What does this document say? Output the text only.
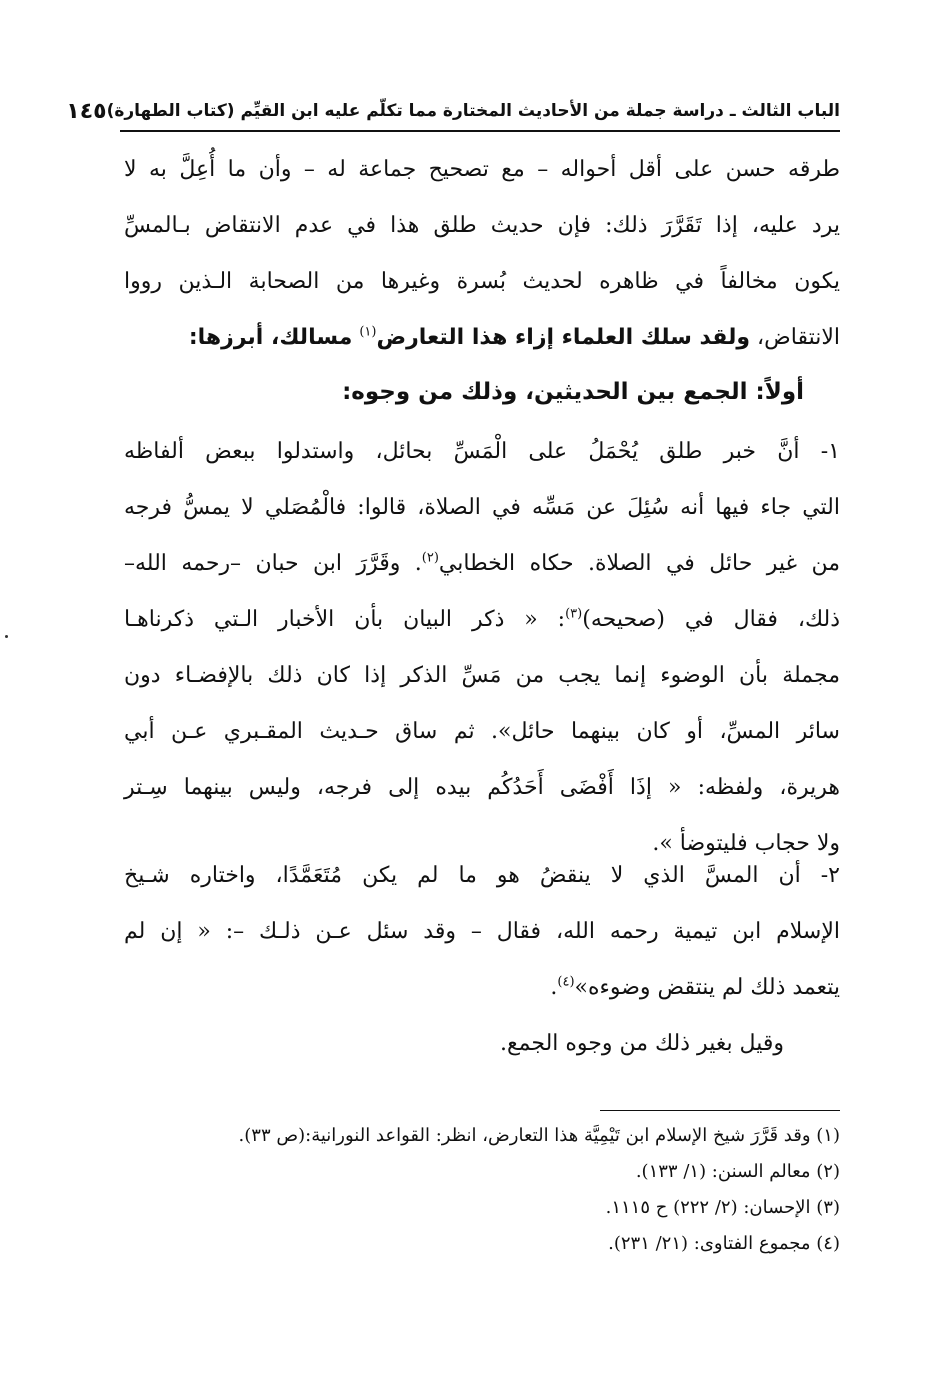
الباب الثالث ـ دراسة جملة من الأحاديث المختارة مما تكلّم عليه ابن القيِّم (كتاب الطهارة)
١٤٥
طرقه حسن على أقل أحواله – مع تصحيح جماعة له – وأن ما أُعِلَّ به لا
يرد عليه، إذا تَقَرَّرَ ذلك: فإن حديث طلق هذا في عدم الانتقاض بـالمسِّ
يكون مخالفاً في ظاهره لحديث بُسرة وغيرها من الصحابة الـذين رووا
الانتقاض، ولقد سلك العلماء إزاء هذا التعارض$^{(١)}$ مسالك، أبرزها:
أولاً: الجمع بين الحديثين، وذلك من وجوه:
١- أنَّ خبر طلق يُحْمَلُ على الْمَسِّ بحائل، واستدلوا ببعض ألفاظه
التي جاء فيها أنه سُئِلَ عن مَسِّه في الصلاة، قالوا: فالْمُصَلي لا يمسُّ فرجه
من غير حائل في الصلاة. حكاه الخطابي$^{(٢)}$. وقَرَّرَ ابن حبان –رحمه الله–
ذلك، فقال في (صحيحه)$^{(٣)}$: « ذكر البيان بأن الأخبار الـتي ذكرناهـا
مجملة بأن الوضوء إنما يجب من مَسِّ الذكر إذا كان ذلك بالإفضـاء دون
سائر المسِّ، أو كان بينهما حائل». ثم ساق حـديث المقـبري عـن أبي
هريرة، ولفظه: « إذَا أَفْضَى أَحَدُكُم بيده إلى فرجه، وليس بينهما سِـتر
ولا حجاب فليتوضأ ».
٢- أن المسَّ الذي لا ينقضُ هو ما لم يكن مُتَعَمَّدًا، واختاره شـيخ
الإسلام ابن تيمية رحمه الله، فقال – وقد سئل عـن ذلـك –: « إن لم
يتعمد ذلك لم ينتقض وضوءه»$^{(٤)}$.
وقيل بغير ذلك من وجوه الجمع.
(١) وقد قَرَّرَ شيخ الإسلام ابن تَيْمِيَّة هذا التعارض، انظر: القواعد النورانية:(ص ٣٣).
(٢) معالم السنن: (١/ ١٣٣).
(٣) الإحسان: (٢/ ٢٢٢) ح ١١١٥.
(٤) مجموع الفتاوى: (٢١/ ٢٣١).
